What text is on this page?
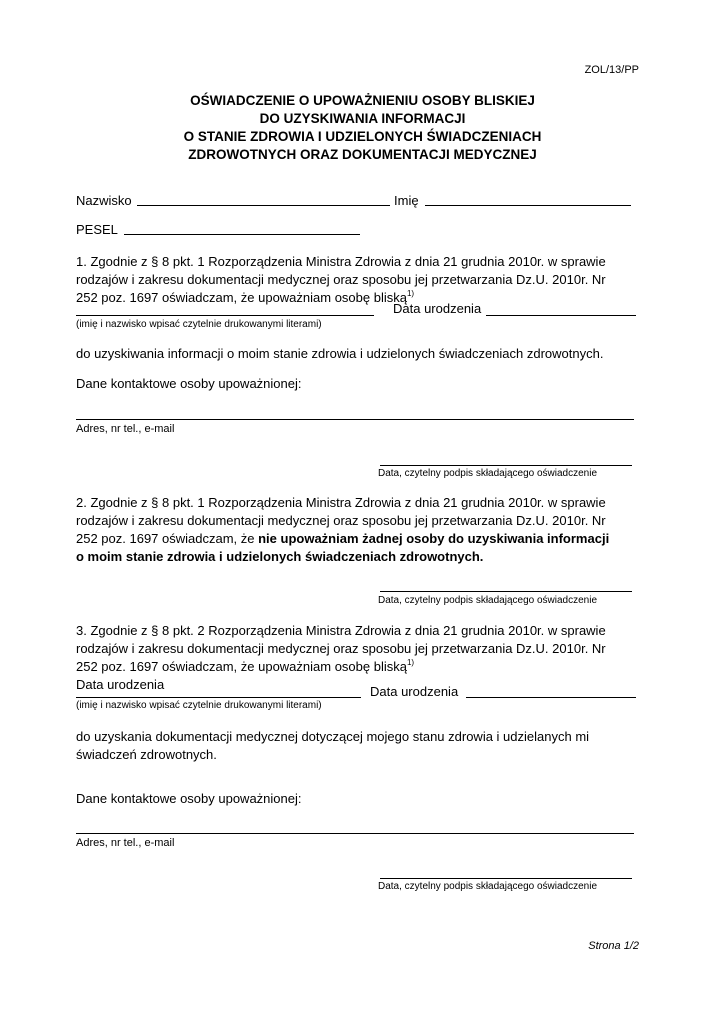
ZOL/13/PP
OŚWIADCZENIE O UPOWAŻNIENIU OSOBY BLISKIEJ
DO UZYSKIWANIA INFORMACJI
O STANIE ZDROWIA I UDZIELONYCH ŚWIADCZENIACH
ZDROWOTNYCH ORAZ DOKUMENTACJI MEDYCZNEJ
Nazwisko	Imię
PESEL
1. Zgodnie z § 8 pkt. 1 Rozporządzenia Ministra Zdrowia z dnia 21 grudnia 2010r. w sprawie
rodzajów i zakresu dokumentacji medycznej oraz sposobu jej przetwarzania Dz.U. 2010r. Nr
252 poz. 1697 oświadczam, że upoważniam osobę bliską$^{1)}$
Data urodzenia
(imię i nazwisko wpisać czytelnie drukowanymi literami)
do uzyskiwania informacji o moim stanie zdrowia i udzielonych świadczeniach zdrowotnych.
Dane kontaktowe osoby upoważnionej:
Adres, nr tel., e-mail
Data, czytelny podpis składającego oświadczenie
2. Zgodnie z § 8 pkt. 1 Rozporządzenia Ministra Zdrowia z dnia 21 grudnia 2010r. w sprawie
rodzajów i zakresu dokumentacji medycznej oraz sposobu jej przetwarzania Dz.U. 2010r. Nr
252 poz. 1697 oświadczam, że nie upoważniam żadnej osoby do uzyskiwania informacji
o moim stanie zdrowia i udzielonych świadczeniach zdrowotnych.
Data, czytelny podpis składającego oświadczenie
3. Zgodnie z § 8 pkt. 2 Rozporządzenia Ministra Zdrowia z dnia 21 grudnia 2010r. w sprawie
rodzajów i zakresu dokumentacji medycznej oraz sposobu jej przetwarzania Dz.U. 2010r. Nr
252 poz. 1697 oświadczam, że upoważniam osobę bliską$^{1)}$
Data urodzenia	Data urodzenia
(imię i nazwisko wpisać czytelnie drukowanymi literami)
do uzyskania dokumentacji medycznej dotyczącej mojego stanu zdrowia i udzielanych mi
świadczeń zdrowotnych.
Dane kontaktowe osoby upoważnionej:
Adres, nr tel., e-mail
Data, czytelny podpis składającego oświadczenie
Strona 1/2
